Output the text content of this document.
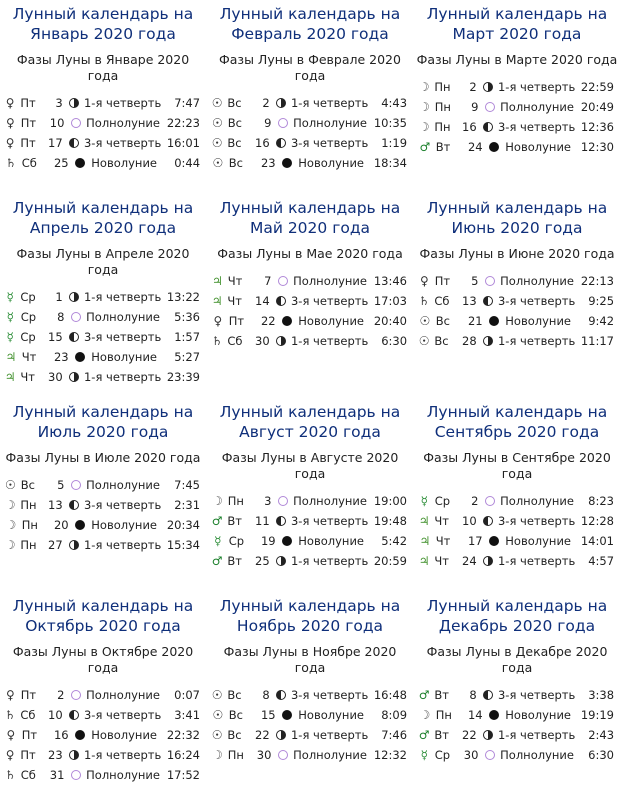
Лунный календарь на
Январь 2020 года
Фазы Луны в Январе 2020 года
♀ Пт	3	1-я четверть	7:47
♀ Пт	10	Полнолуние 22:23
♀ Пт	17	3-я четверть 16:01
♄ Сб	25	Новолуние	0:44
Лунный календарь на
Февраль 2020 года
Фазы Луны в Феврале 2020 года
☉ Вс	2	1-я четверть	4:43
☉ Вс	9	Полнолуние 10:35
☉ Вс	16	3-я четверть	1:19
☉ Вс	23	Новолуние 18:34
Лунный календарь на
Март 2020 года
Фазы Луны в Марте 2020 года
☽ Пн	2	1-я четверть 22:59
☽ Пн	9	Полнолуние 20:49
☽ Пн 16	3-я четверть 12:36
♂ Вт	24	Новолуние 12:30
Лунный календарь на
Апрель 2020 года
Фазы Луны в Апреле 2020 года
☿ Ср	1	1-я четверть 13:22
☿ Ср	8	Полнолуние	5:36
☿ Ср	15	3-я четверть	1:57
♃ Чт	23	Новолуние	5:27
♃ Чт	30	1-я четверть 23:39
Лунный календарь на
Май 2020 года
Фазы Луны в Мае 2020 года
♃ Чт	7	Полнолуние 13:46
♃ Чт	14	3-я четверть 17:03
♀ Пт	22	Новолуние 20:40
♄ Сб	30	1-я четверть	6:30
Лунный календарь на
Июнь 2020 года
Фазы Луны в Июне 2020 года
♀ Пт	5	Полнолуние 22:13
♄ Сб	13	3-я четверть	9:25
☉ Вс	21	Новолуние	9:42
☉ Вс	28	1-я четверть 11:17
Лунный календарь на
Июль 2020 года
Фазы Луны в Июле 2020 года
☉ Вс	5	Полнолуние	7:45
☽ Пн 13	3-я четверть	2:31
☽ Пн	20	Новолуние 20:34
☽ Пн 27	1-я четверть 15:34
Лунный календарь на
Август 2020 года
Фазы Луны в Августе 2020 года
☽ Пн	3	Полнолуние 19:00
♂ Вт	11	3-я четверть 19:48
☿ Ср	19	Новолуние	5:42
♂ Вт	25	1-я четверть 20:59
Лунный календарь на
Сентябрь 2020 года
Фазы Луны в Сентябре 2020 года
☿ Ср	2	Полнолуние	8:23
♃ Чт	10	3-я четверть 12:28
♃ Чт	17	Новолуние 14:01
♃ Чт	24	1-я четверть	4:57
Лунный календарь на
Октябрь 2020 года
Фазы Луны в Октябре 2020 года
♀ Пт	2	Полнолуние	0:07
♄ Сб	10	3-я четверть	3:41
♀ Пт	16	Новолуние 22:32
♀ Пт	23	1-я четверть 16:24
♄ Сб	31	Полнолуние 17:52
Лунный календарь на
Ноябрь 2020 года
Фазы Луны в Ноябре 2020 года
☉ Вс	8	3-я четверть 16:48
☉ Вс	15	Новолуние	8:09
☉ Вс	22	1-я четверть	7:46
☽ Пн	30	Полнолуние 12:32
Лунный календарь на
Декабрь 2020 года
Фазы Луны в Декабре 2020 года
♂ Вт	8	3-я четверть	3:38
☽ Пн	14	Новолуние 19:19
♂ Вт	22	1-я четверть	2:43
☿ Ср	30	Полнолуние	6:30
